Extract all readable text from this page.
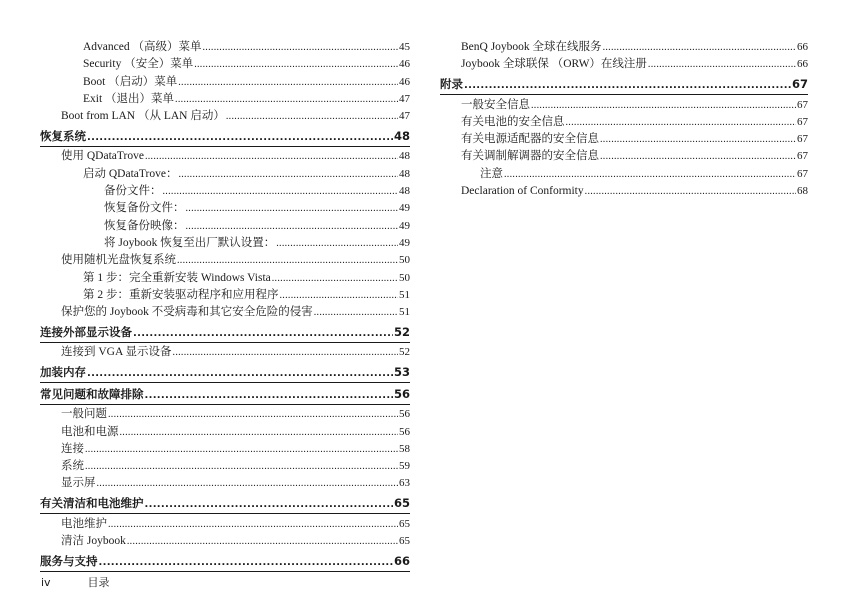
Advanced （高级）菜单 .....	45
Security （安全）菜单 .....	46
Boot （启动）菜单 .....	46
Exit （退出）菜单 .....	47
Boot from LAN （从 LAN 启动） .....	47
恢复系统 .....	48
使用 QDataTrove .....	48
启动 QDataTrove： .....	48
备份文件： .....	48
恢复备份文件： .....	49
恢复备份映像： .....	49
将 Joybook 恢复至出厂默认设置： .....	49
使用随机光盘恢复系统 .....	50
第 1 步：完全重新安装 Windows Vista .....	50
第 2 步：重新安装驱动程序和应用程序 .....	51
保护您的 Joybook 不受病毒和其它安全危险的侵害 .....	51
连接外部显示设备 .....	52
连接到 VGA 显示设备 .....	52
加装内存 .....	53
常见问题和故障排除 .....	56
一般问题 .....	56
电池和电源 .....	56
连接 .....	58
系统 .....	59
显示屏 .....	63
有关清洁和电池维护 .....	65
电池维护 .....	65
清洁 Joybook .....	65
服务与支持 .....	66
BenQ Joybook 全球在线服务 .....	66
Joybook 全球联保 （ORW）在线注册 .....	66
附录 .....	67
一般安全信息 .....	67
有关电池的安全信息 .....	67
有关电源适配器的安全信息 .....	67
有关调制解调器的安全信息 .....	67
注意 .....	67
Declaration of Conformity .....	68
iv	目录
